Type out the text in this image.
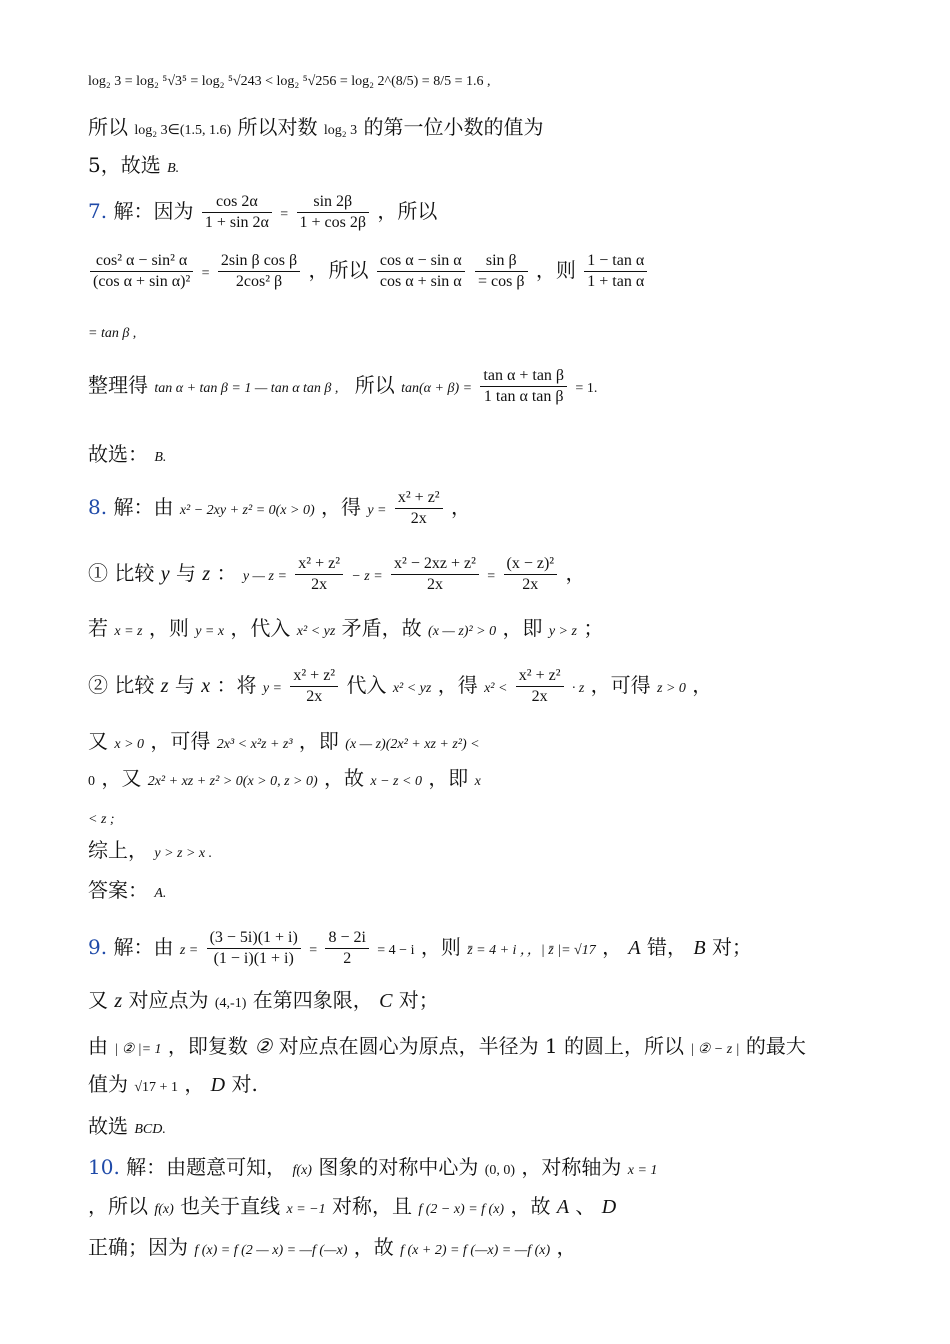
log₂ 3 = log₂ ⁵√3⁵ = log₂ ⁵√243 < log₂ ⁵√256 = log₂ 2^(8/5) = 8/5 = 1.6 ,
所以 log₂ 3∈(1.5, 1.6) 所以对数 log₂ 3 的第一位小数的值为
5，故选 B.
7. 解：因为 $\frac{\cos 2\alpha}{1 + \sin 2\alpha} = \frac{\sin 2\beta}{1 + \cos 2\beta}$ ，所以
$\frac{\text{cos² α − sin² α}}{\text{(cos α + sin α)²}} = \frac{\text{2sin β cos β}}{\text{2cos² β}}$ ，所以 $\frac{\text{cos α − sin α}}{\text{cos α + sin α}}$
$\frac{\text{sin β}}{\text{= cos β}}$ ，则 $\frac{\text{1 − tan α}}{\text{1 + tan α}}$
= tan β ,
整理得 tan α + tan β = 1 — tan α tan β , 所以 $\tan(\alpha + \beta) = \frac{\text{tan α + tan β}}{\text{1 tan α tan β}} = 1$.
故选： B.
8. 解：由 x² − 2xy + z² = 0(x > 0) ，得 $y = \frac{\text{x² + z²}}{2x}$ ，
① 比较 y 与 z ： y — $z = \frac{\text{x² + z²}}{2x} - z = \frac{\text{x² − 2xz + z²}}{2x} = \frac{\text{(x − z)²}}{2x}$ ，
若 x = z ，则 y = x ，代入 x² < yz 矛盾，故 (x — z)² > 0 ，即 y > z ；
② 比较 z 与 x ：将 $y = \frac{\text{x² + z²}}{2x}$ 代入 x² < yz ，得 $x^2 < \frac{\text{x² + z²}}{2x} \cdot z$ ，可得 z > 0 ，
又 x > 0 ，可得 2x³ < x²z + z³ ，即 (x — z)(2x² + xz + z²) <
0 ，又 2x² + xz + z² > 0(x > 0, z > 0) ，故 x − z < 0 ，即 x
< z ;
综上， y > z > x .
答案： A.
9. 解：由 $z = \frac{(3 - 5i)(1 + i)}{(1 - i)(1 + i)} = \frac{8 - 2i}{2} = 4 - i$ ，则 z̄ = 4 + i ，，| z̄ |= √17 ， A 错， B 对；
又 z 对应点为 (4,-1) 在第四象限， C 对；
由 | ② |= 1 ，即复数 ② 对应点在圆心为原点，半径为 1 的圆上，所以 | ② − z | 的最大
值为 √17 + 1 ， D 对.
故选 BCD.
10. 解：由题意可知， f(x) 图象的对称中心为 (0, 0) ，对称轴为 x = 1
，所以 f(x) 也关于直线 x = −1 对称，且 f (2 − x) = f (x) ，故 A 、 D
正确；因为 f (x) = f (2 — x) = —f (—x) ，故 f (x + 2) = f (—x) = —f (x) ，
